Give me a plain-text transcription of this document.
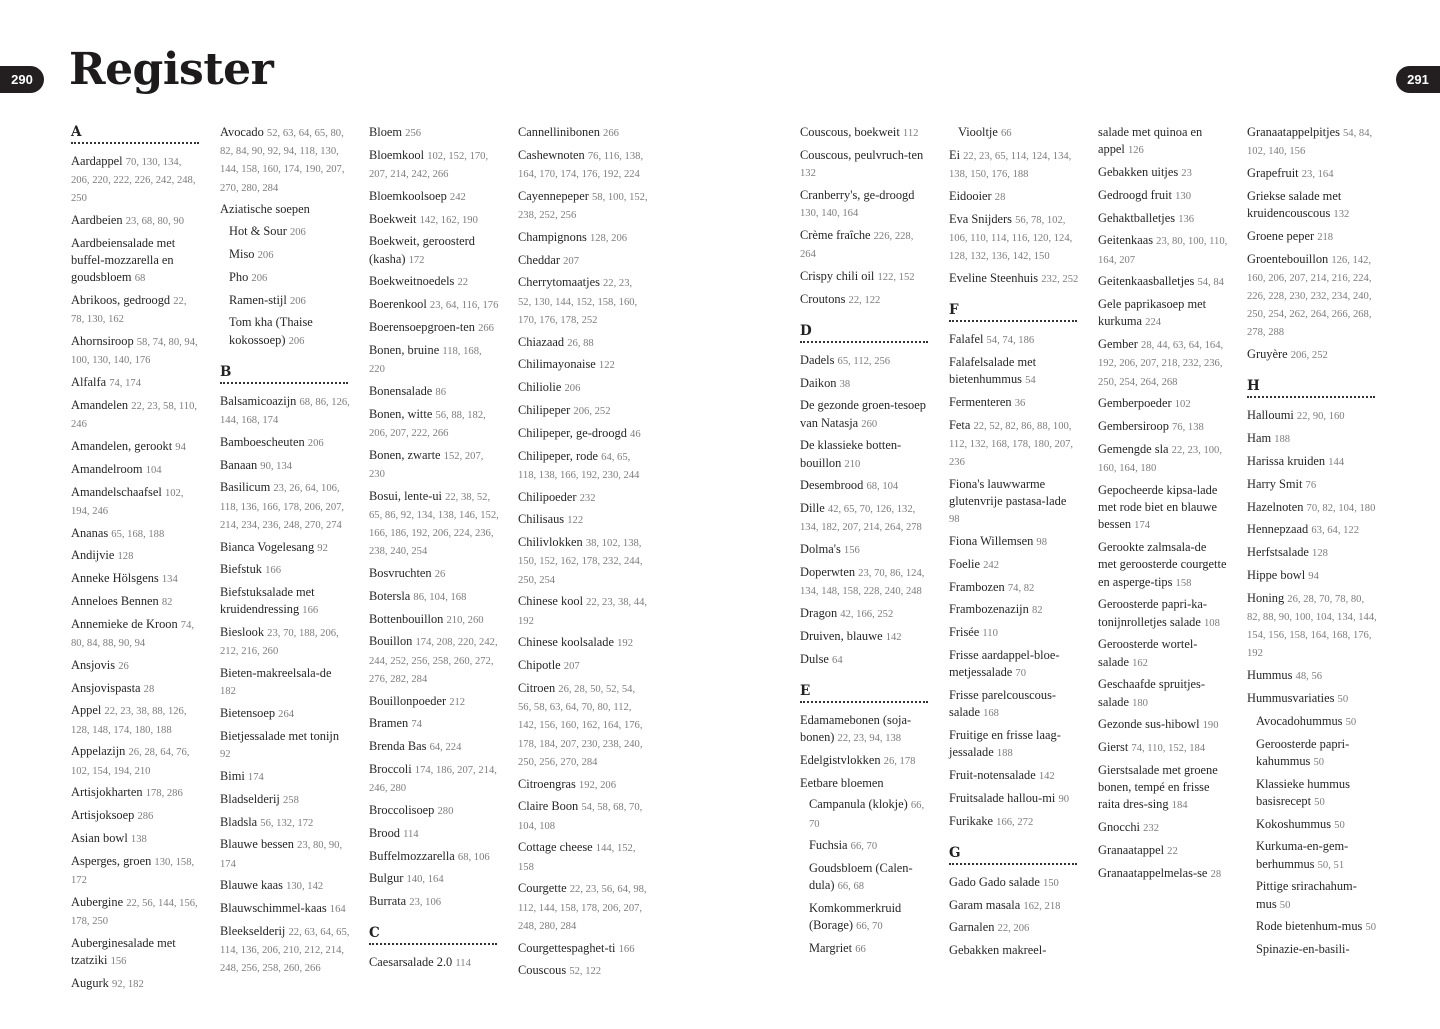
290 Register	291
A
Aardappel 70, 130, 134, 206, 220, 222, 226, 242, 248, 250
Aardbeien 23, 68, 80, 90
Aardbeiensalade met buffel-mozzarella en goudsbloem 68
Abrikoos, gedroogd 22, 78, 130, 162
Ahornsiroop 58, 74, 80, 94, 100, 130, 140, 176
Alfalfa 74, 174
Amandelen 22, 23, 58, 110, 246
Amandelen, gerookt 94
Amandelroom 104
Amandelschaafsel 102, 194, 246
Ananas 65, 168, 188
Andijvie 128
Anneke Hölsgens 134
Anneloes Bennen 82
Annemieke de Kroon 74, 80, 84, 88, 90, 94
Ansjovis 26
Ansjovispasta 28
Appel 22, 23, 38, 88, 126, 128, 148, 174, 180, 188
Appelazijn 26, 28, 64, 76, 102, 154, 194, 210
Artisjokharten 178, 286
Artisjoksoep 286
Asian bowl 138
Asperges, groen 130, 158, 172
Aubergine 22, 56, 144, 156, 178, 250
Auberginesalade met tzatziki 156
Augurk 92, 182
Avocado 52, 63, 64, 65, 80, 82, 84, 90, 92, 94, 118, 130, 144, 158, 160, 174, 190, 207, 270, 280, 284
Aziatische soepen
Hot & Sour 206
Miso 206
Pho 206
Ramen-stijl 206
Tom kha (Thaise kokossoep) 206
B
Balsamicoazijn 68, 86, 126, 144, 168, 174
Bamboescheuten 206
Banaan 90, 134
Basilicum 23, 26, 64, 106, 118, 136, 166, 178, 206, 207, 214, 234, 236, 248, 270, 274
Bianca Vogelesang 92
Biefstuk 166
Biefstuksalade met kruidendressing 166
Bieslook 23, 70, 188, 206, 212, 216, 260
Bieten-makreelsala-de 182
Bietensoep 264
Bietjessalade met tonijn 92
Bimi 174
Bladselderij 258
Bladsla 56, 132, 172
Blauwe bessen 23, 80, 90, 174
Blauwe kaas 130, 142
Blauwschimmel-kaas 164
Bleekselderij 22, 63, 64, 65, 114, 136, 206, 210, 212, 214, 248, 256, 258, 260, 266
Bloem 256
Bloemkool 102, 152, 170, 207, 214, 242, 266
Bloemkoolsoep 242
Boekweit 142, 162, 190
Boekweit, geroosterd (kasha) 172
Boekweitnoedels 22
Boerenkool 23, 64, 116, 176
Boerensoepgroen-ten 266
Bonen, bruine 118, 168, 220
Bonensalade 86
Bonen, witte 56, 88, 182, 206, 207, 222, 266
Bonen, zwarte 152, 207, 230
Bosui, lente-ui 22, 38, 52, 65, 86, 92, 134, 138, 146, 152, 166, 186, 192, 206, 224, 236, 238, 240, 254
Bosvruchten 26
Botersla 86, 104, 168
Bottenbouillon 210, 260
Bouillon 174, 208, 220, 242, 244, 252, 256, 258, 260, 272, 276, 282, 284
Bouillonpoeder 212
Bramen 74
Brenda Bas 64, 224
Broccoli 174, 186, 207, 214, 246, 280
Broccolisoep 280
Brood 114
Buffelmozzarella 68, 106
Bulgur 140, 164
Burrata 23, 106
C
Caesarsalade 2.0 114
Cannellinibonen 266
Cashewnoten 76, 116, 138, 164, 170, 174, 176, 192, 224
Cayennepeper 58, 100, 152, 238, 252, 256
Champignons 128, 206
Cheddar 207
Cherrytomaatjes 22, 23, 52, 130, 144, 152, 158, 160, 170, 176, 178, 252
Chiazaad 26, 88
Chilimayonaise 122
Chiliolie 206
Chilipeper 206, 252
Chilipeper, ge-droogd 46
Chilipeper, rode 64, 65, 118, 138, 166, 192, 230, 244
Chilipoeder 232
Chilisaus 122
Chilivlokken 38, 102, 138, 150, 152, 162, 178, 232, 244, 250, 254
Chinese kool 22, 23, 38, 44, 192
Chinese koolsalade 192
Chipotle 207
Citroen 26, 28, 50, 52, 54, 56, 58, 63, 64, 70, 80, 112, 142, 156, 160, 162, 164, 176, 178, 184, 207, 230, 238, 240, 250, 256, 270, 284
Citroengras 192, 206
Claire Boon 54, 58, 68, 70, 104, 108
Cottage cheese 144, 152, 158
Courgette 22, 23, 56, 64, 98, 112, 144, 158, 178, 206, 207, 248, 280, 284
Courgettespaghet-ti 166
Couscous 52, 122
Couscous, boekweit 112
Couscous, peulvruch-ten 132
Cranberry's, ge-droogd 130, 140, 164
Crème fraîche 226, 228, 264
Crispy chili oil 122, 152
Croutons 22, 122
D
Dadels 65, 112, 256
Daikon 38
De gezonde groen-tesoep van Natasja 260
De klassieke botten-bouillon 210
Desembrood 68, 104
Dille 42, 65, 70, 126, 132, 134, 182, 207, 214, 264, 278
Dolma's 156
Doperwten 23, 70, 86, 124, 134, 148, 158, 228, 240, 248
Dragon 42, 166, 252
Druiven, blauwe 142
Dulse 64
E
Edamamebonen (soja-bonen) 22, 23, 94, 138
Edelgistvlokken 26, 178
Eetbare bloemen
Campanula (klokje) 66, 70
Fuchsia 66, 70
Goudsbloem (Calen-dula) 66, 68
Komkommerkruid (Borage) 66, 70
Margriet 66
Viooltje 66
Ei 22, 23, 65, 114, 124, 134, 138, 150, 176, 188
Eidooier 28
Eva Snijders 56, 78, 102, 106, 110, 114, 116, 120, 124, 128, 132, 136, 142, 150
Eveline Steenhuis 232, 252
F
Falafel 54, 74, 186
Falafelsalade met bietenhummus 54
Fermenteren 36
Feta 22, 52, 82, 86, 88, 100, 112, 132, 168, 178, 180, 207, 236
Fiona's lauwwarme glutenvrije pastasa-lade 98
Fiona Willemsen 98
Foelie 242
Frambozen 74, 82
Frambozenazijn 82
Frisée 110
Frisse aardappel-bloe-metjessalade 70
Frisse parelcouscous-salade 168
Fruitige en frisse laag-jessalade 188
Fruit-notensalade 142
Fruitsalade hallou-mi 90
Furikake 166, 272
G
Gado Gado salade 150
Garam masala 162, 218
Garnalen 22, 206
Gebakken makreel-
salade met quinoa en appel 126
Gebakken uitjes 23
Gedroogd fruit 130
Gehaktballetjes 136
Geitenkaas 23, 80, 100, 110, 164, 207
Geitenkaasballetjes 54, 84
Gele paprikasoep met kurkuma 224
Gember 28, 44, 63, 64, 164, 192, 206, 207, 218, 232, 236, 250, 254, 264, 268
Gemberpoeder 102
Gembersiroop 76, 138
Gemengde sla 22, 23, 100, 160, 164, 180
Gepocheerde kipsa-lade met rode biet en blauwe bessen 174
Gerookte zalmsala-de met geroosterde courgette en asperge-tips 158
Geroosterde papri-ka-tonijnrolletjes salade 108
Geroosterde wortel-salade 162
Geschaafde spruitjes-salade 180
Gezonde sus-hibowl 190
Gierst 74, 110, 152, 184
Gierstsalade met groene bonen, tempé en frisse raita dres-sing 184
Gnocchi 232
Granaatappel 22
Granaatappelmelas-se 28
Granaatappelpitjes 54, 84, 102, 140, 156
Grapefruit 23, 164
Griekse salade met kruidencouscous 132
Groene peper 218
Groentebouillon 126, 142, 160, 206, 207, 214, 216, 224, 226, 228, 230, 232, 234, 240, 250, 254, 262, 264, 266, 268, 278, 288
Gruyère 206, 252
H
Halloumi 22, 90, 160
Ham 188
Harissa kruiden 144
Harry Smit 76
Hazelnoten 70, 82, 104, 180
Hennepzaad 63, 64, 122
Herfstsalade 128
Hippe bowl 94
Honing 26, 28, 70, 78, 80, 82, 88, 90, 100, 104, 134, 144, 154, 156, 158, 164, 168, 176, 192
Hummus 48, 56
Hummusvariaties 50
Avocadohummus 50
Geroosterde papri-kahummus 50
Klassieke hummus basisrecept 50
Kokoshummus 50
Kurkuma-en-gem-berhummus 50, 51
Pittige srirachahum-mus 50
Rode bietenhum-mus 50
Spinazie-en-basili-
